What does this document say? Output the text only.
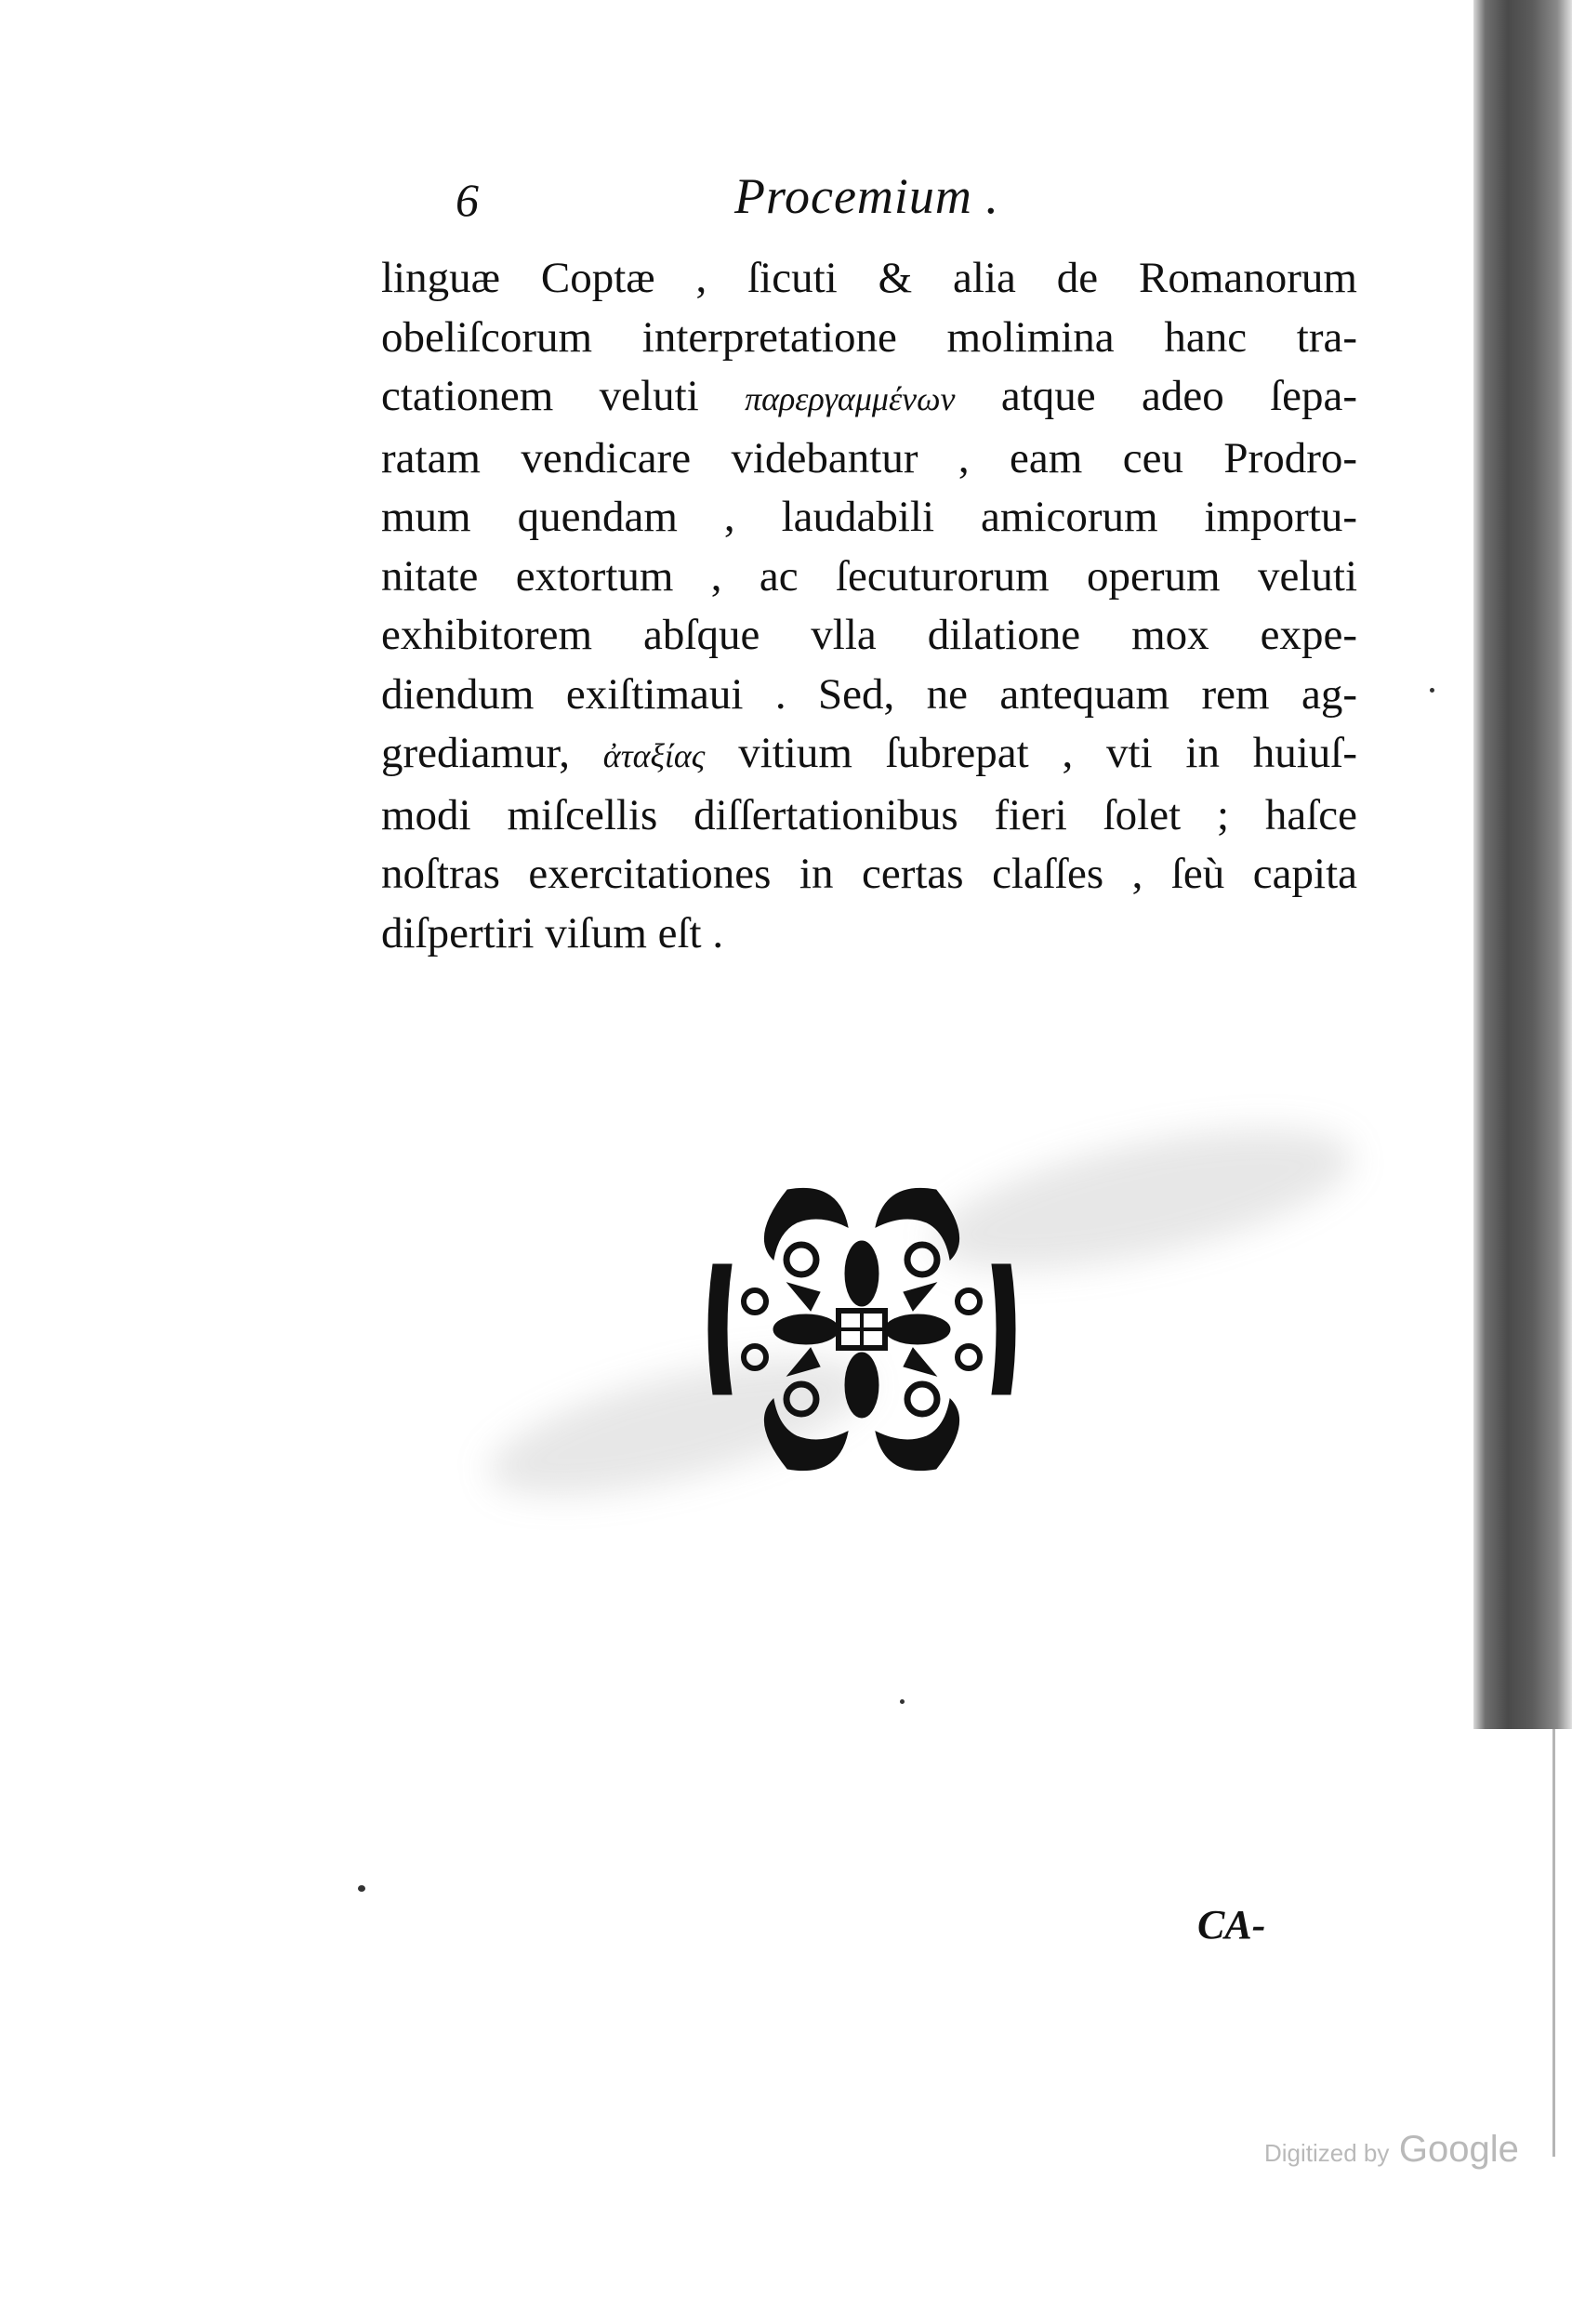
6	Procemium .
linguæ Coptæ , ſicuti & alia de Romanorum
obeliſcorum interpretatione molimina hanc tra-
ctationem veluti παρεργαμμένων atque adeo ſepa-
ratam vendicare videbantur , eam ceu Prodro-
mum quendam , laudabili amicorum importu-
nitate extortum , ac ſecuturorum operum veluti
exhibitorem abſque vlla dilatione mox expe-
diendum exiſtimaui . Sed, ne antequam rem ag-
grediamur, ἀταξίας vitium ſubrepat , vti in huiuſ-
modi miſcellis diſſertationibus fieri ſolet ; haſce
noſtras exercitationes in certas claſſes , ſeù capita
diſpertiri viſum eſt .
CA-
Digitized by Google
